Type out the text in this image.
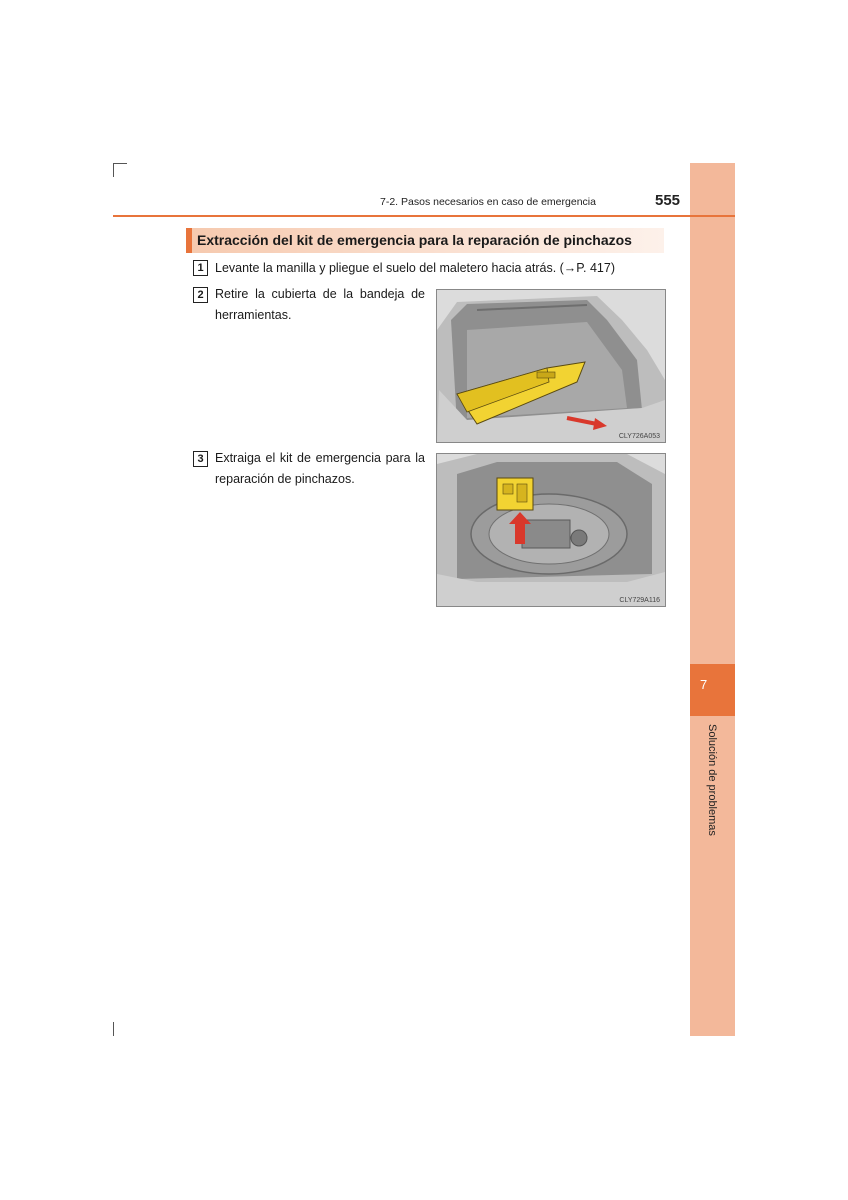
7
Solución de problemas
7-2. Pasos necesarios en caso de emergencia	555
Extracción del kit de emergencia para la reparación de pinchazos
1 Levante la manilla y pliegue el suelo del maletero hacia atrás. (→P. 417)
2 Retire la cubierta de la bandeja de herramientas.
CLY726A053
3 Extraiga el kit de emergencia para la reparación de pinchazos.
CLY729A116
